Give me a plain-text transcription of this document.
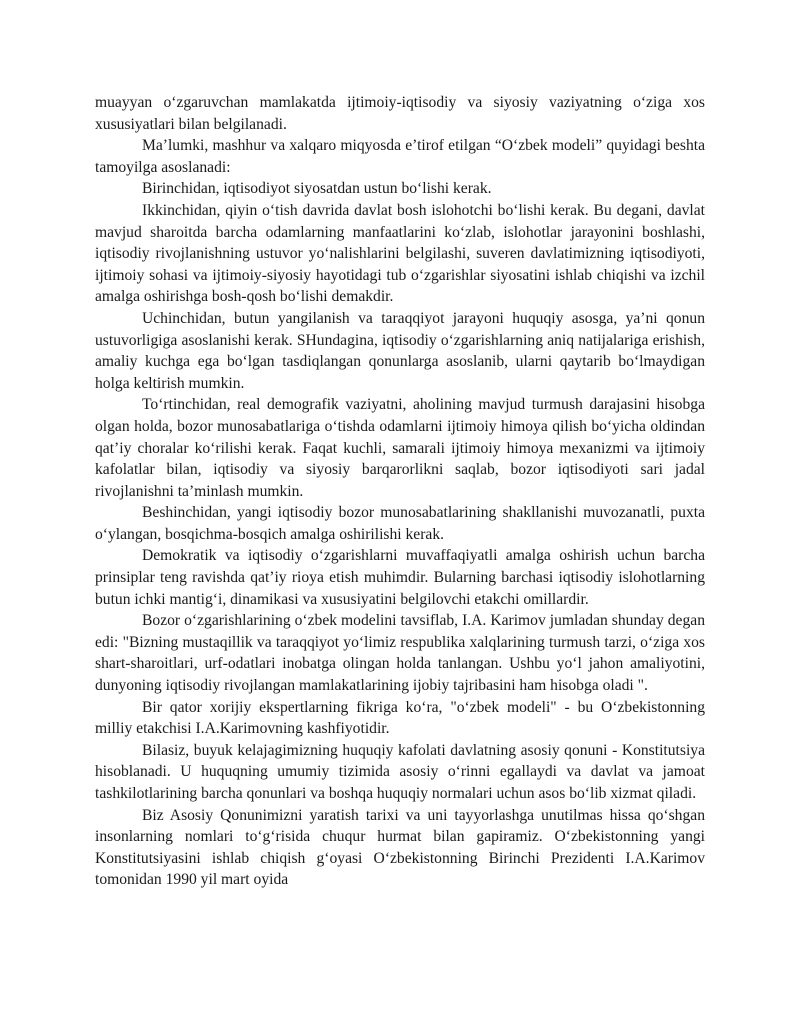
muayyan o‘zgaruvchan mamlakatda ijtimoiy-iqtisodiy va siyosiy vaziyatning o‘ziga xos xususiyatlari bilan belgilanadi.

Ma’lumki, mashhur va xalqaro miqyosda e’tirof etilgan “O‘zbek modeli” quyidagi beshta tamoyilga asoslanadi:

Birinchidan, iqtisodiyot siyosatdan ustun bo‘lishi kerak.

Ikkinchidan, qiyin o‘tish davrida davlat bosh islohotchi bo‘lishi kerak. Bu degani, davlat mavjud sharoitda barcha odamlarning manfaatlarini ko‘zlab, islohotlar jarayonini boshlashi, iqtisodiy rivojlanishning ustuvor yo‘nalishlarini belgilashi, suveren davlatimizning iqtisodiyoti, ijtimoiy sohasi va ijtimoiy-siyosiy hayotidagi tub o‘zgarishlar siyosatini ishlab chiqishi va izchil amalga oshirishga bosh-qosh bo‘lishi demakdir.

Uchinchidan, butun yangilanish va taraqqiyot jarayoni huquqiy asosga, ya’ni qonun ustuvorligiga asoslanishi kerak. SHundagina, iqtisodiy o‘zgarishlarning aniq natijalariga erishish, amaliy kuchga ega bo‘lgan tasdiqlangan qonunlarga asoslanib, ularni qaytarib bo‘lmaydigan holga keltirish mumkin.

To‘rtinchidan, real demografik vaziyatni, aholining mavjud turmush darajasini hisobga olgan holda, bozor munosabatlariga o‘tishda odamlarni ijtimoiy himoya qilish bo‘yicha oldindan qat’iy choralar ko‘rilishi kerak. Faqat kuchli, samarali ijtimoiy himoya mexanizmi va ijtimoiy kafolatlar bilan, iqtisodiy va siyosiy barqarorlikni saqlab, bozor iqtisodiyoti sari jadal rivojlanishni ta’minlash mumkin.

Beshinchidan, yangi iqtisodiy bozor munosabatlarining shakllanishi muvozanatli, puxta o‘ylangan, bosqichma-bosqich amalga oshirilishi kerak.

Demokratik va iqtisodiy o‘zgarishlarni muvaffaqiyatli amalga oshirish uchun barcha prinsiplar teng ravishda qat’iy rioya etish muhimdir. Bularning barchasi iqtisodiy islohotlarning butun ichki mantig‘i, dinamikasi va xususiyatini belgilovchi etakchi omillardir.

Bozor o‘zgarishlarining o‘zbek modelini tavsiflab, I.A. Karimov jumladan shunday degan edi: "Bizning mustaqillik va taraqqiyot yo‘limiz respublika xalqlarining turmush tarzi, o‘ziga xos shart-sharoitlari, urf-odatlari inobatga olingan holda tanlangan. Ushbu yo‘l jahon amaliyotini, dunyoning iqtisodiy rivojlangan mamlakatlarining ijobiy tajribasini ham hisobga oladi ".

Bir qator xorijiy ekspertlarning fikriga ko‘ra, "o‘zbek modeli" - bu O‘zbekistonning milliy etakchisi I.A.Karimovning kashfiyotidir.

Bilasiz, buyuk kelajagimizning huquqiy kafolati davlatning asosiy qonuni - Konstitutsiya hisoblanadi. U huquqning umumiy tizimida asosiy o‘rinni egallaydi va davlat va jamoat tashkilotlarining barcha qonunlari va boshqa huquqiy normalari uchun asos bo‘lib xizmat qiladi.

Biz Asosiy Qonunimizni yaratish tarixi va uni tayyorlashga unutilmas hissa qo‘shgan insonlarning nomlari to‘g‘risida chuqur hurmat bilan gapiramiz. O‘zbekistonning yangi Konstitutsiyasini ishlab chiqish g‘oyasi O‘zbekistonning Birinchi Prezidenti I.A.Karimov tomonidan 1990 yil mart oyida
